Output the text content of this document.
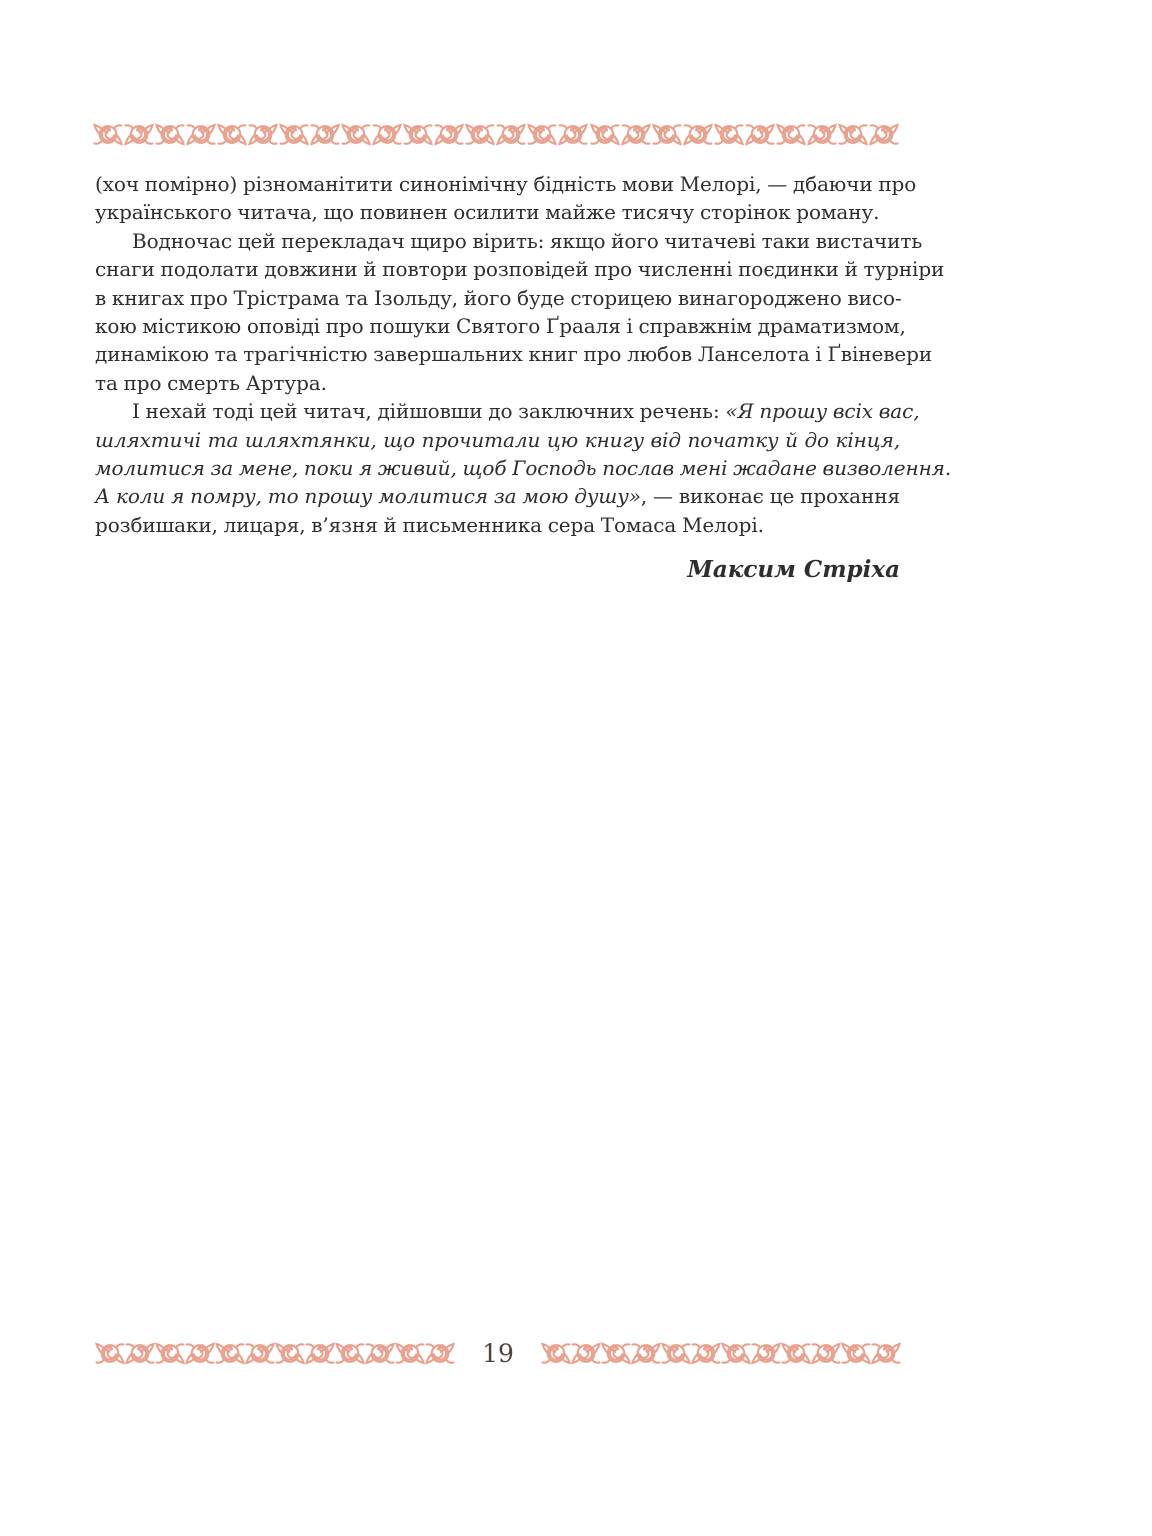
(хоч помірно) різноманітити синонімічну бідність мови Мелорі, — дбаючи про
українського читача, що повинен осилити майже тисячу сторінок роману.
Водночас цей перекладач щиро вірить: якщо його читачеві таки вистачить
снаги подолати довжини й повтори розповідей про численні поєдинки й турніри
в книгах про Трістрама та Ізольду, його буде сторицею винагороджено висо-
кою містикою оповіді про пошуки Святого Ґрааля і справжнім драматизмом,
динамікою та трагічністю завершальних книг про любов Ланселота і Ґвіневери
та про смерть Артура.
І нехай тоді цей читач, дійшовши до заключних речень: «Я прошу всіх вас,
шляхтичі та шляхтянки, що прочитали цю книгу від початку й до кінця,
молитися за мене, поки я живий, щоб Господь послав мені жадане визволення.
А коли я помру, то прошу молитися за мою душу», — виконає це прохання
розбишаки, лицаря, в’язня й письменника сера Томаса Мелорі.
Максим Стріха
19
